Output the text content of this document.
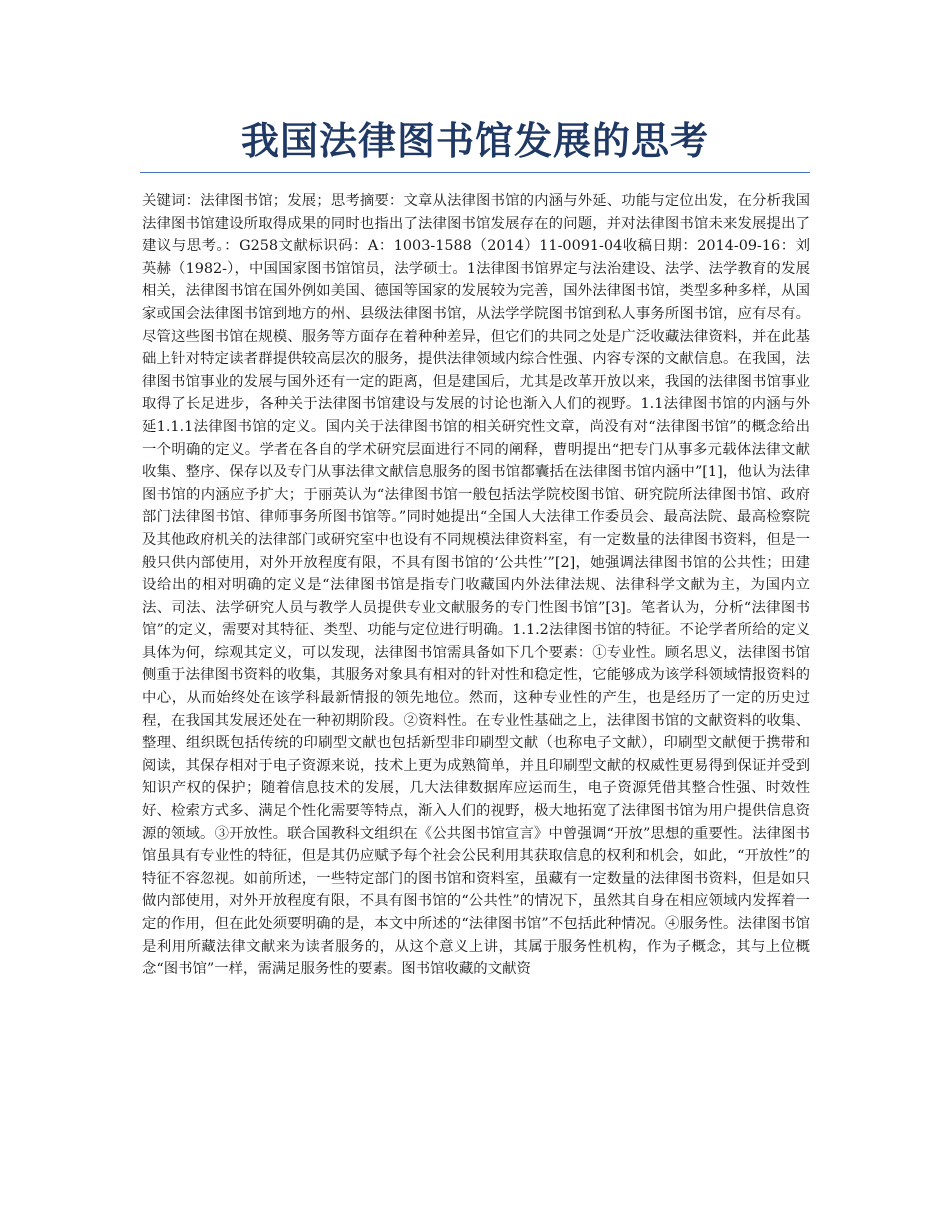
我国法律图书馆发展的思考

关键词：法律图书馆；发展；思考摘要：文章从法律图书馆的内涵与外延、功能与定位出发，在分析我国法律图书馆建设所取得成果的同时也指出了法律图书馆发展存在的问题，并对法律图书馆未来发展提出了建议与思考。：G258文献标识码：A：1003-1588（2014）11-0091-04收稿日期：2014-09-16：刘英赫（1982-），中国国家图书馆馆员，法学硕士。1法律图书馆界定与法治建设、法学、法学教育的发展相关，法律图书馆在国外例如美国、德国等国家的发展较为完善，国外法律图书馆，类型多种多样，从国家或国会法律图书馆到地方的州、县级法律图书馆，从法学学院图书馆到私人事务所图书馆，应有尽有。尽管这些图书馆在规模、服务等方面存在着种种差异，但它们的共同之处是广泛收藏法律资料，并在此基础上针对特定读者群提供较高层次的服务，提供法律领域内综合性强、内容专深的文献信息。在我国，法律图书馆事业的发展与国外还有一定的距离，但是建国后，尤其是改革开放以来，我国的法律图书馆事业取得了长足进步，各种关于法律图书馆建设与发展的讨论也渐入人们的视野。1.1法律图书馆的内涵与外延1.1.1法律图书馆的定义。国内关于法律图书馆的相关研究性文章，尚没有对“法律图书馆”的概念给出一个明确的定义。学者在各自的学术研究层面进行不同的阐释，曹明提出“把专门从事多元载体法律文献收集、整序、保存以及专门从事法律文献信息服务的图书馆都囊括在法律图书馆内涵中”[1]，他认为法律图书馆的内涵应予扩大；于丽英认为“法律图书馆一般包括法学院校图书馆、研究院所法律图书馆、政府部门法律图书馆、律师事务所图书馆等。”同时她提出“全国人大法律工作委员会、最高法院、最高检察院及其他政府机关的法律部门或研究室中也设有不同规模法律资料室，有一定数量的法律图书资料，但是一般只供内部使用，对外开放程度有限，不具有图书馆的‘公共性’”[2]，她强调法律图书馆的公共性；田建设给出的相对明确的定义是“法律图书馆是指专门收藏国内外法律法规、法律科学文献为主，为国内立法、司法、法学研究人员与教学人员提供专业文献服务的专门性图书馆”[3]。笔者认为，分析“法律图书馆”的定义，需要对其特征、类型、功能与定位进行明确。1.1.2法律图书馆的特征。不论学者所给的定义具体为何，综观其定义，可以发现，法律图书馆需具备如下几个要素：①专业性。顾名思义，法律图书馆侧重于法律图书资料的收集，其服务对象具有相对的针对性和稳定性，它能够成为该学科领域情报资料的中心，从而始终处在该学科最新情报的领先地位。然而，这种专业性的产生，也是经历了一定的历史过程，在我国其发展还处在一种初期阶段。②资料性。在专业性基础之上，法律图书馆的文献资料的收集、整理、组织既包括传统的印刷型文献也包括新型非印刷型文献（也称电子文献），印刷型文献便于携带和阅读，其保存相对于电子资源来说，技术上更为成熟简单，并且印刷型文献的权威性更易得到保证并受到知识产权的保护；随着信息技术的发展，几大法律数据库应运而生，电子资源凭借其整合性强、时效性好、检索方式多、满足个性化需要等特点，渐入人们的视野，极大地拓宽了法律图书馆为用户提供信息资源的领域。③开放性。联合国教科文组织在《公共图书馆宣言》中曾强调“开放”思想的重要性。法律图书馆虽具有专业性的特征，但是其仍应赋予每个社会公民利用其获取信息的权利和机会，如此，“开放性”的特征不容忽视。如前所述，一些特定部门的图书馆和资料室，虽藏有一定数量的法律图书资料，但是如只做内部使用，对外开放程度有限，不具有图书馆的“公共性”的情况下，虽然其自身在相应领域内发挥着一定的作用，但在此处须要明确的是，本文中所述的“法律图书馆”不包括此种情况。④服务性。法律图书馆是利用所藏法律文献来为读者服务的，从这个意义上讲，其属于服务性机构，作为子概念，其与上位概念“图书馆”一样，需满足服务性的要素。图书馆收藏的文献资
